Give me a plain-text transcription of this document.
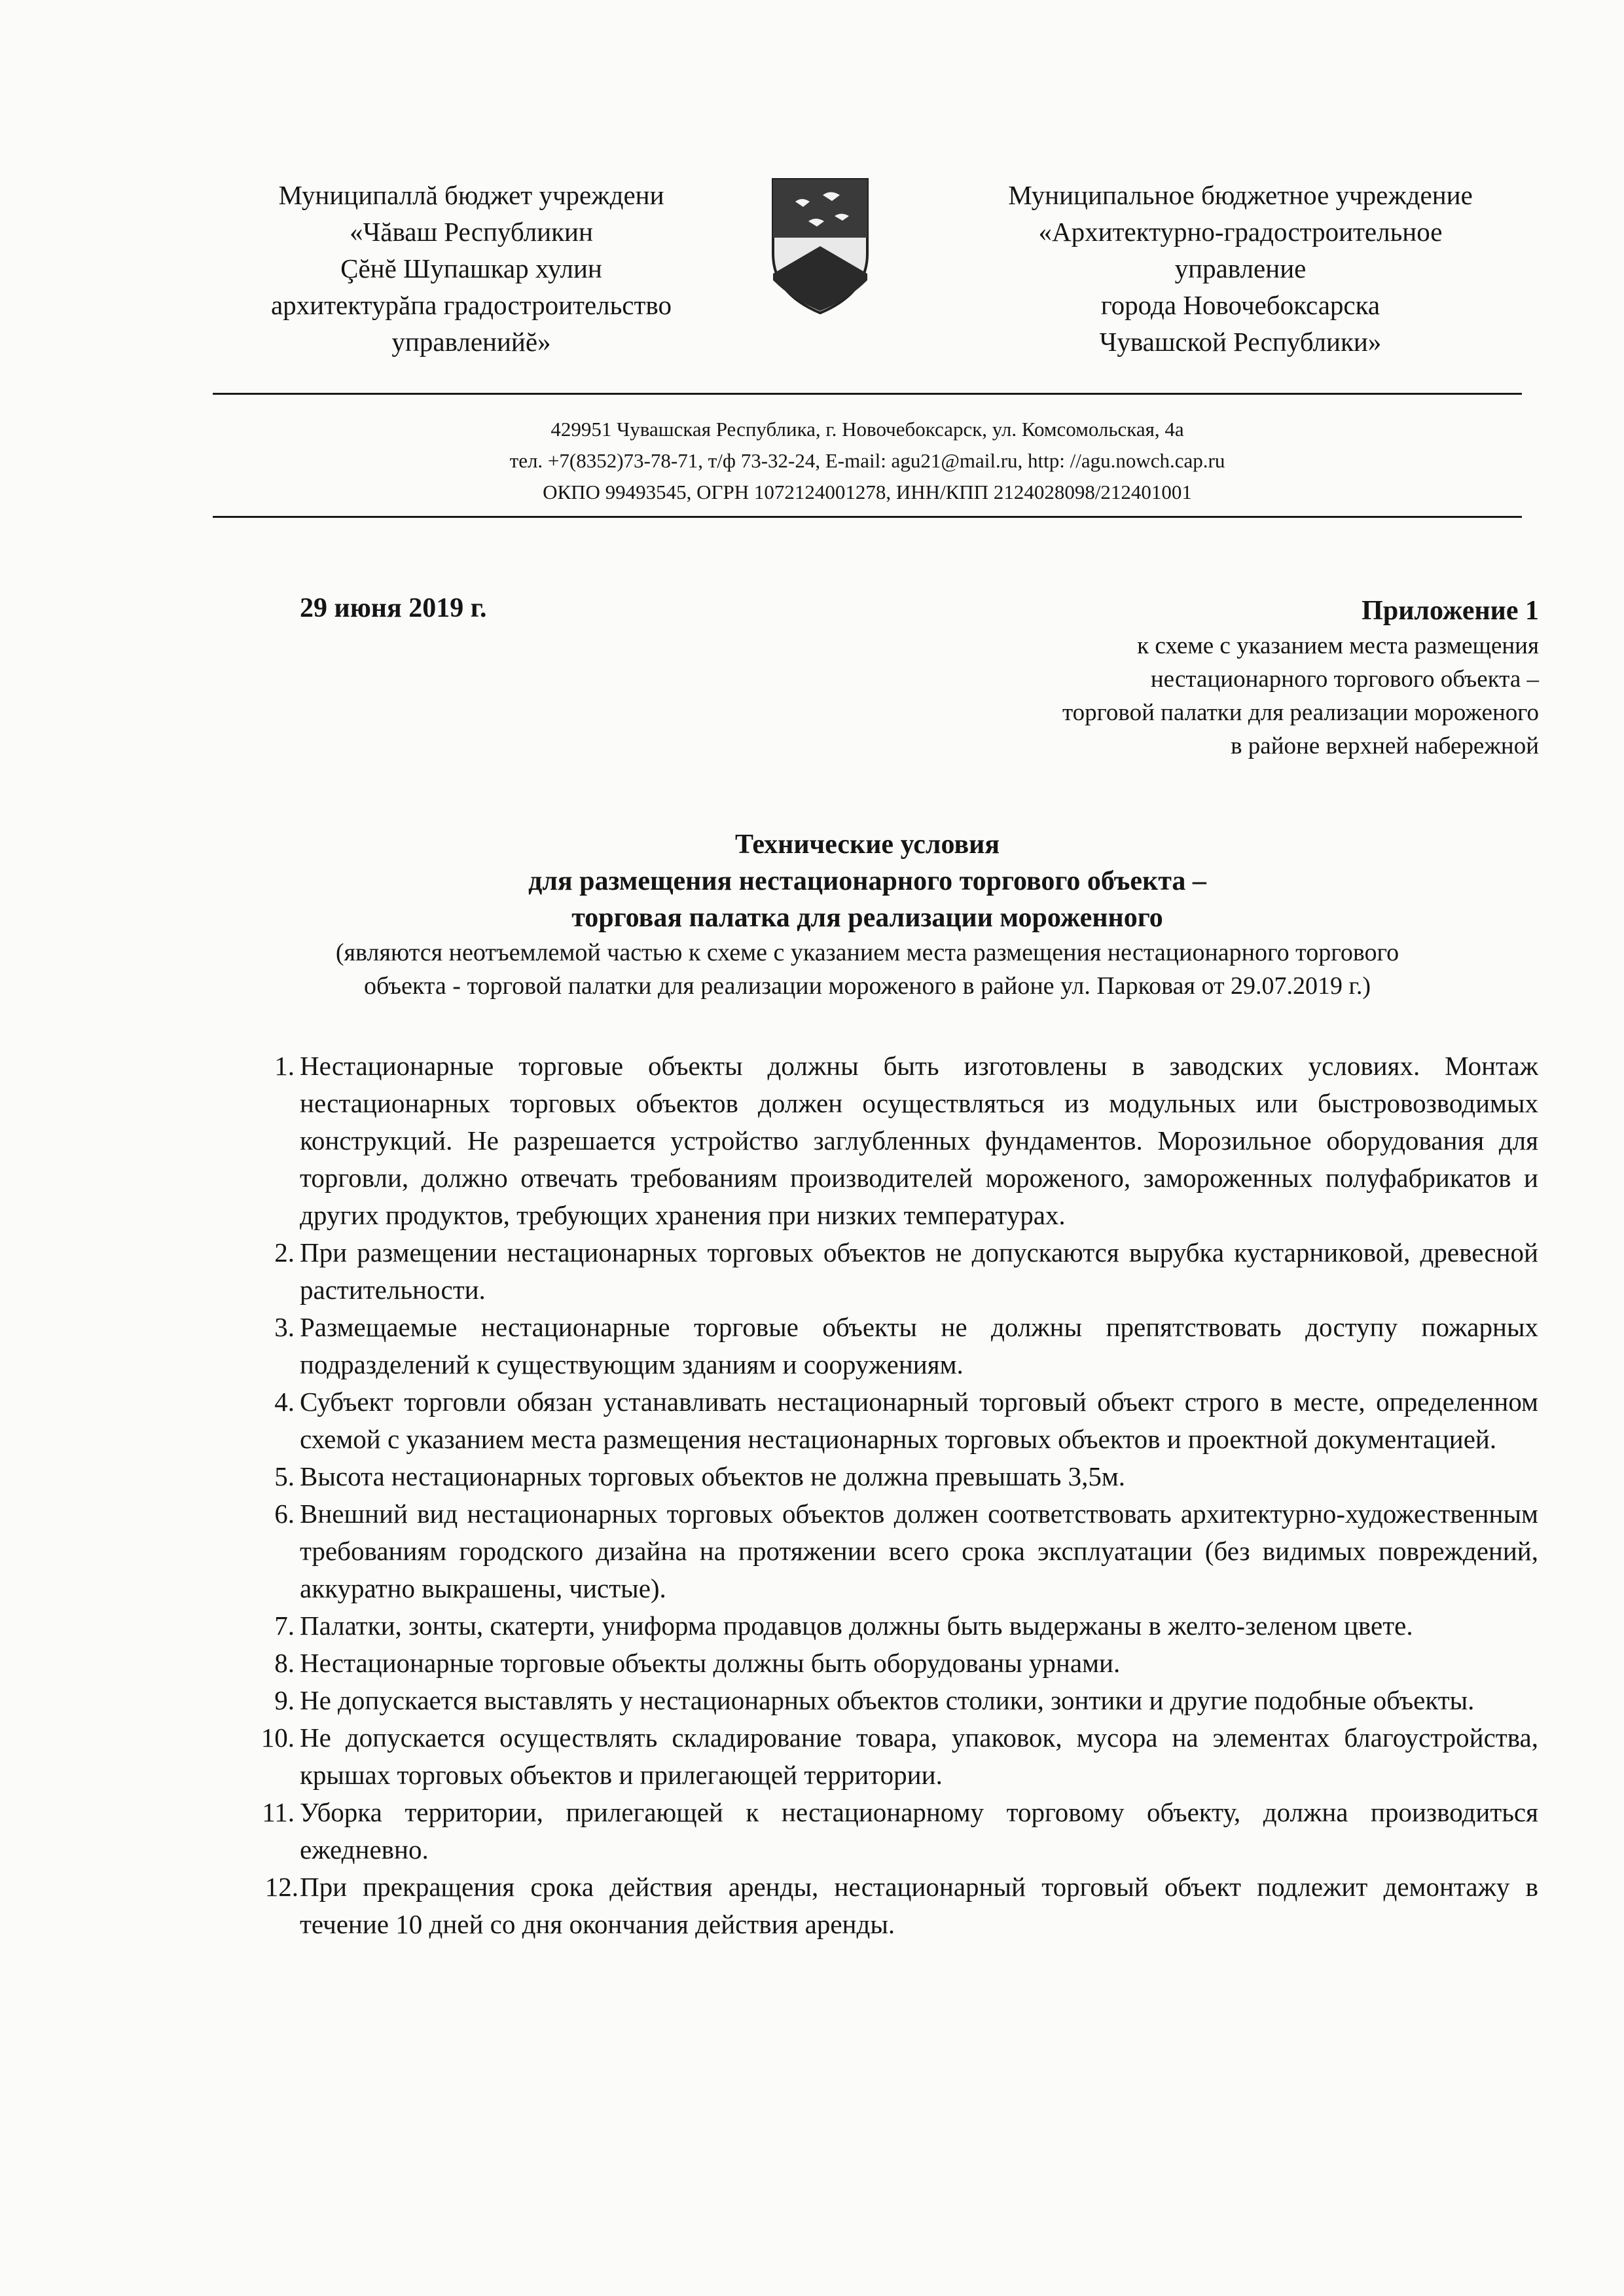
Муниципаллă бюджет учреждени
«Чăваш Республикин
Çĕнĕ Шупашкар хулин
архитектурăпа градостроительство
управленийĕ»
Муниципальное бюджетное учреждение
«Архитектурно-градостроительное
управление
города Новочебоксарска
Чувашской Республики»
429951 Чувашская Республика, г. Новочебоксарск, ул. Комсомольская, 4а
тел. +7(8352)73-78-71, т/ф 73-32-24, E-mail: agu21@mail.ru, http: //agu.nowch.cap.ru
ОКПО 99493545, ОГРН 1072124001278, ИНН/КПП 2124028098/212401001
29 июня 2019 г.	Приложение 1
к схеме с указанием места размещения
нестационарного торгового объекта –
торговой палатки для реализации мороженого
в районе верхней набережной
Технические условия
для размещения нестационарного торгового объекта –
торговая палатка для реализации мороженного
(являются неотъемлемой частью к схеме с указанием места размещения нестационарного торгового
объекта - торговой палатки для реализации мороженого в районе ул. Парковая от 29.07.2019 г.)

1. Нестационарные торговые объекты должны быть изготовлены в заводских условиях. Монтаж нестационарных торговых объектов должен осуществляться из модульных или быстровозводимых конструкций. Не разрешается устройство заглубленных фундаментов. Морозильное оборудования для торговли, должно отвечать требованиям производителей мороженого, замороженных полуфабрикатов и других продуктов, требующих хранения при низких температурах.

2. При размещении нестационарных торговых объектов не допускаются вырубка кустарниковой, древесной растительности.

3. Размещаемые нестационарные торговые объекты не должны препятствовать доступу пожарных подразделений к существующим зданиям и сооружениям.

4. Субъект торговли обязан устанавливать нестационарный торговый объект строго в месте, определенном схемой с указанием места размещения нестационарных торговых объектов и проектной документацией.

5. Высота нестационарных торговых объектов не должна превышать 3,5м.

6. Внешний вид нестационарных торговых объектов должен соответствовать архитектурно-художественным требованиям городского дизайна на протяжении всего срока эксплуатации (без видимых повреждений, аккуратно выкрашены, чистые).

7. Палатки, зонты, скатерти, униформа продавцов должны быть выдержаны в желто-зеленом цвете.

8. Нестационарные торговые объекты должны быть оборудованы урнами.

9. Не допускается выставлять у нестационарных объектов столики, зонтики и другие подобные объекты.

10. Не допускается осуществлять складирование товара, упаковок, мусора на элементах благоустройства, крышах торговых объектов и прилегающей территории.

11. Уборка территории, прилегающей к нестационарному торговому объекту, должна производиться ежедневно.

12. При прекращения срока действия аренды, нестационарный торговый объект подлежит демонтажу в течение 10 дней со дня окончания действия аренды.
